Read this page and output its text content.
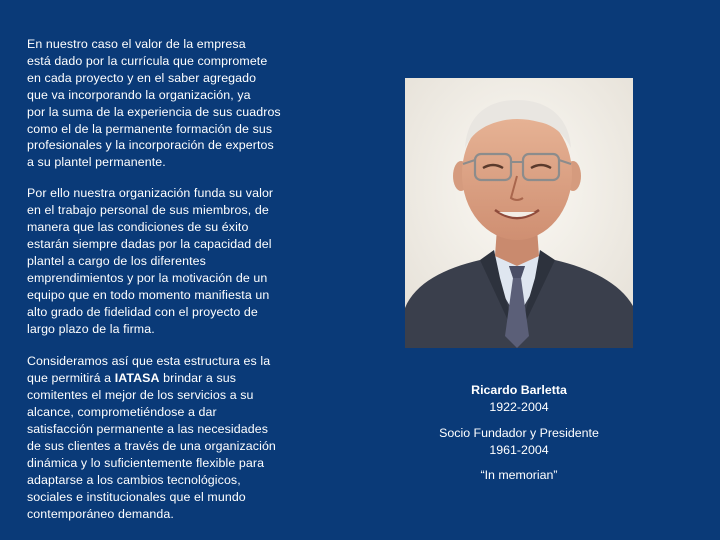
En nuestro caso el valor de la empresa
está dado por la currícula que compromete
en cada proyecto y en el saber agregado
que va incorporando la organización, ya
por la suma de la experiencia de sus cuadros
como el de la permanente formación de sus
profesionales y la incorporación de expertos
a su plantel permanente.

Por ello nuestra organización funda su valor
en el trabajo personal de sus miembros, de
manera que las condiciones de su éxito
estarán siempre dadas por la capacidad del
plantel a cargo de los diferentes
emprendimientos y por la motivación de un
equipo que en todo momento manifiesta un
alto grado de fidelidad con el proyecto de
largo plazo de la firma.

Consideramos así que esta estructura es la
que permitirá a IATASA brindar a sus
comitentes el mejor de los servicios a su
alcance, comprometiéndose a dar
satisfacción permanente a las necesidades
de sus clientes a través de una organización
dinámica y lo suficientemente flexible para
adaptarse a los cambios tecnológicos,
sociales e institucionales que el mundo
contemporáneo demanda.

Ricardo Barletta
1922-2004
Socio Fundador y Presidente
1961-2004
“In memorian”
